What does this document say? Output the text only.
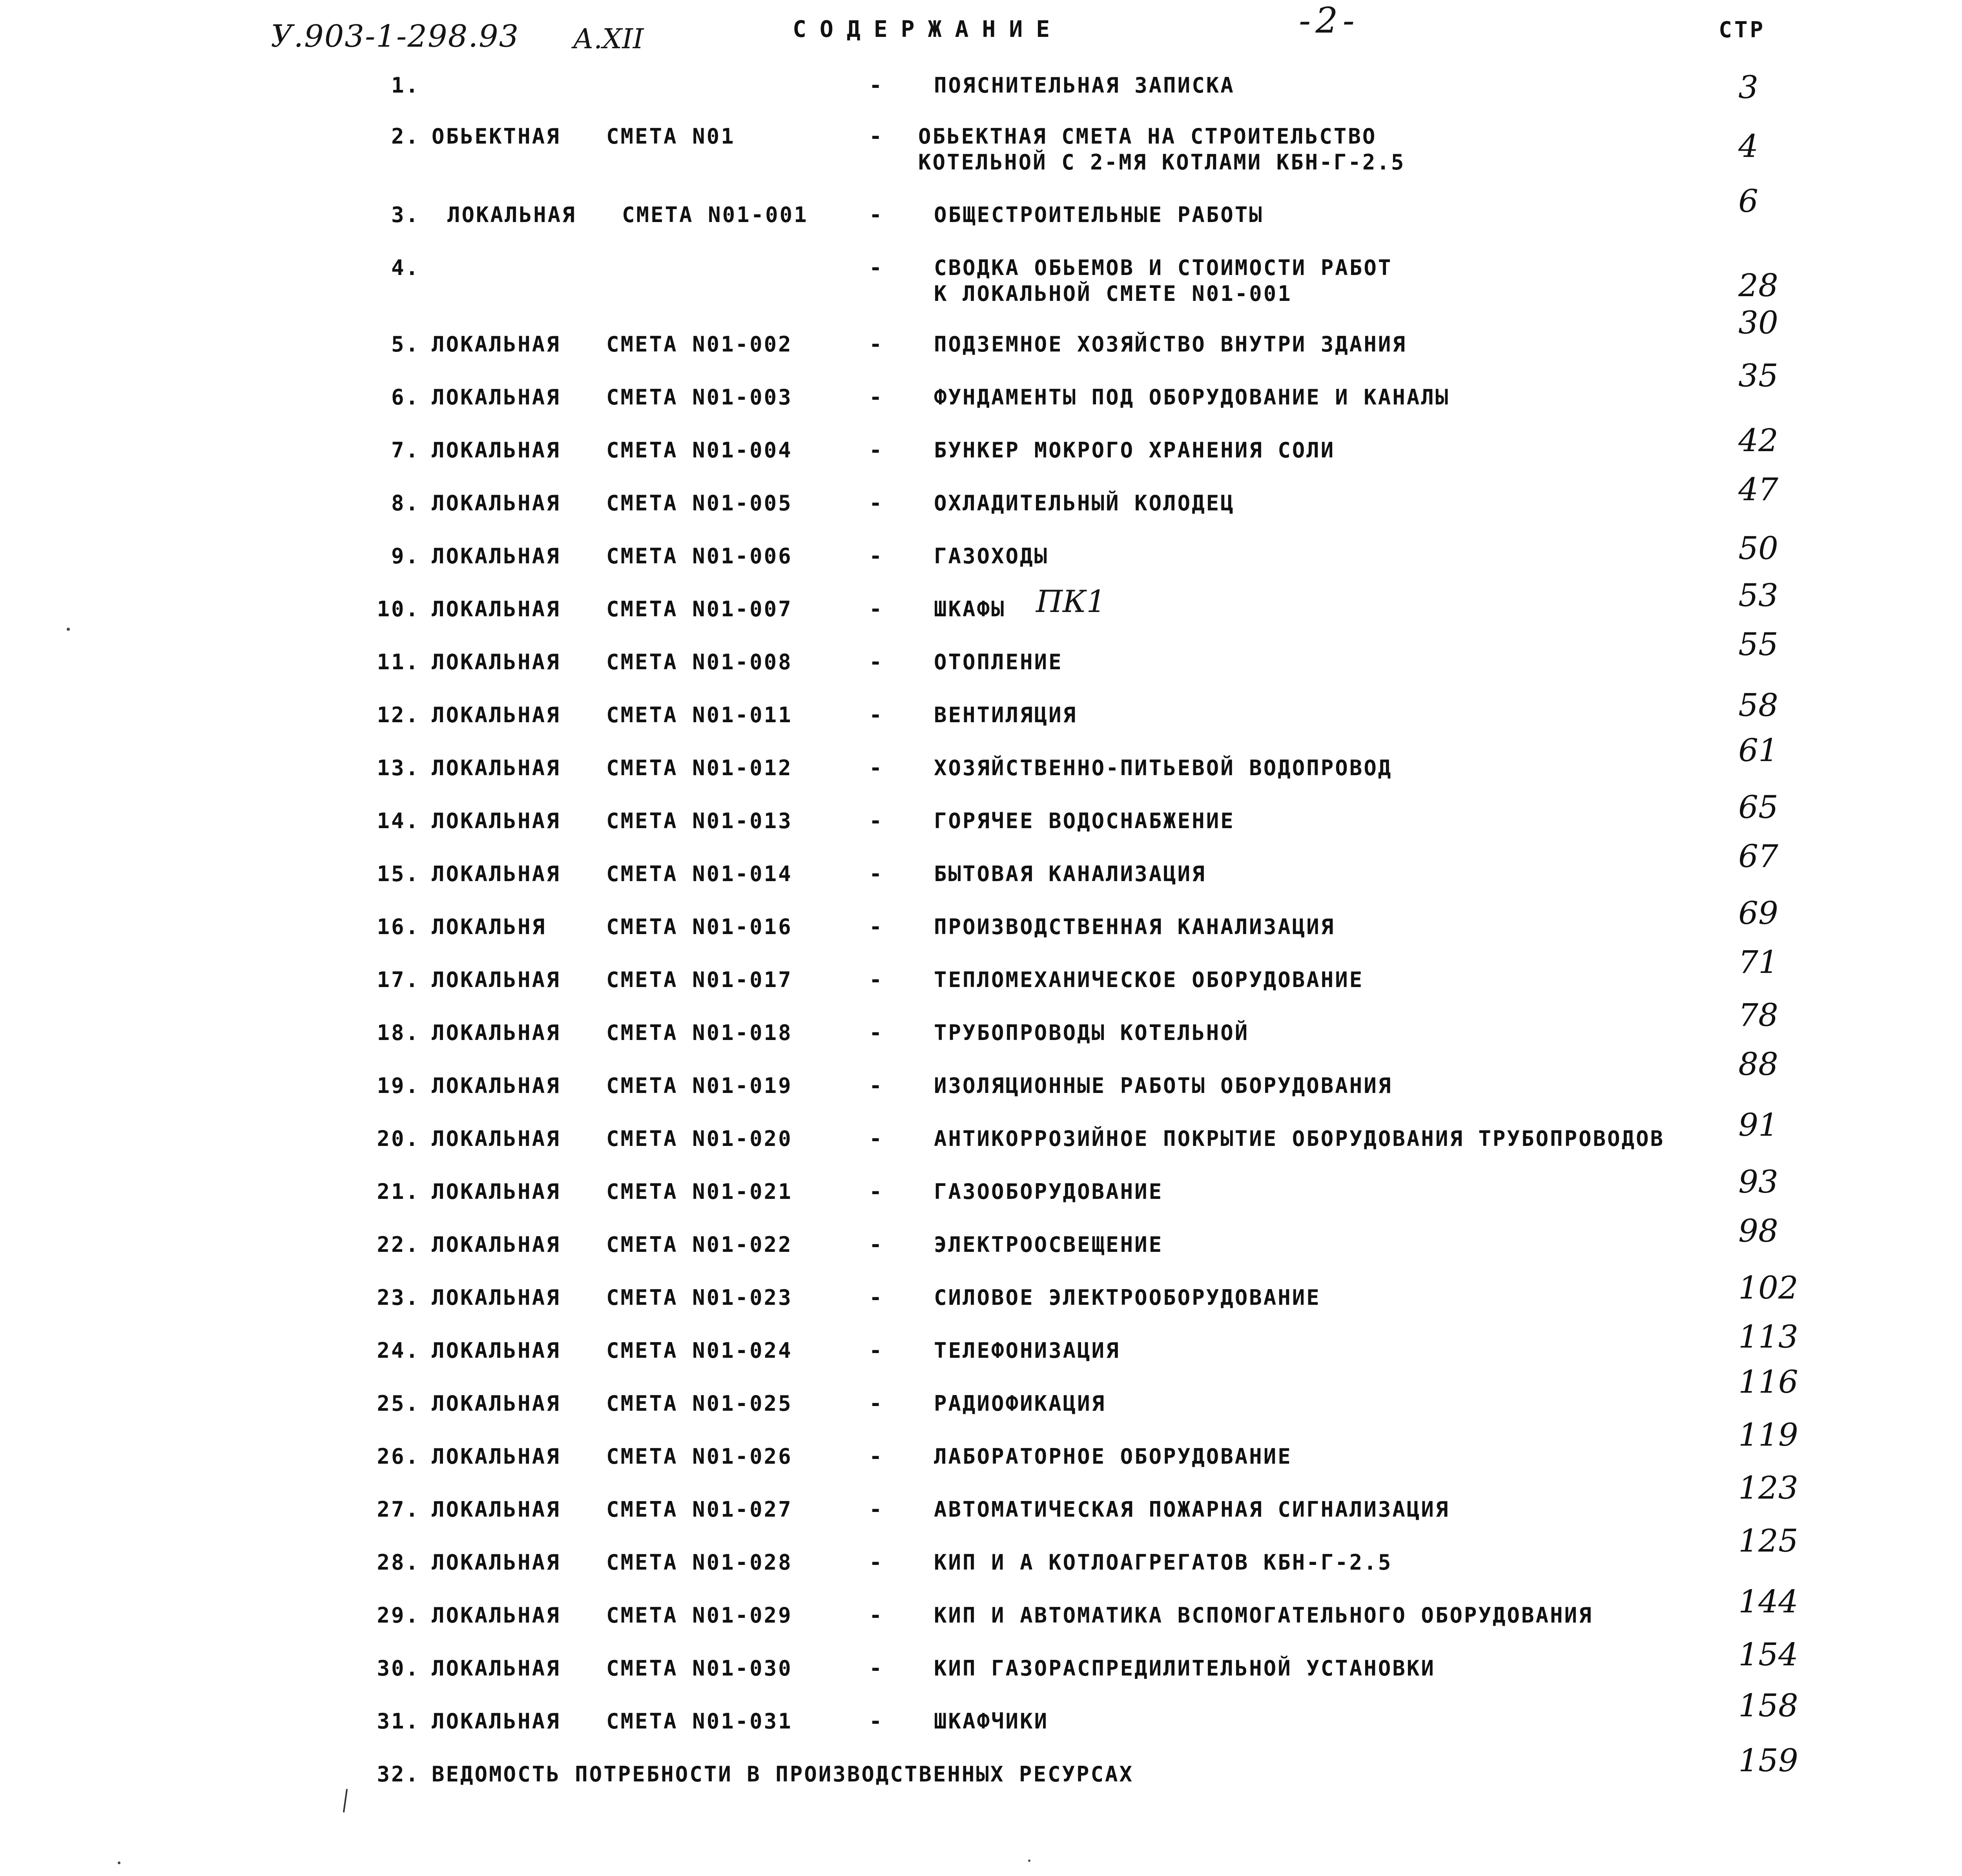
У.903-1-298.93 А.XII	СОДЕРЖАНИЕ	-2-	СТР
1.	- ПОЯСНИТЕЛЬНАЯ ЗАПИСКА	3
2. ОБЬЕКТНАЯ СМЕТА N01	- ОБЬЕКТНАЯ СМЕТА НА СТРОИТЕЛЬСТВО
КОТЕЛЬНОЙ С 2-МЯ КОТЛАМИ КБН-Г-2.5	4
3. ЛОКАЛЬНАЯ СМЕТА N01-001	- ОБЩЕСТРОИТЕЛЬНЫЕ РАБОТЫ	6
4.	- СВОДКА ОБЬЕМОВ И СТОИМОСТИ РАБОТ
К ЛОКАЛЬНОЙ СМЕТЕ N01-001	28
5. ЛОКАЛЬНАЯ СМЕТА N01-002	- ПОДЗЕМНОЕ ХОЗЯЙСТВО ВНУТРИ ЗДАНИЯ
30
6. ЛОКАЛЬНАЯ СМЕТА N01-003	- ФУНДАМЕНТЫ ПОД ОБОРУДОВАНИЕ И КАНАЛЫ
35
7. ЛОКАЛЬНАЯ СМЕТА N01-004	- БУНКЕР МОКРОГО ХРАНЕНИЯ СОЛИ	42
8. ЛОКАЛЬНАЯ СМЕТА N01-005	- ОХЛАДИТЕЛЬНЫЙ КОЛОДЕЦ	47
9. ЛОКАЛЬНАЯ СМЕТА N01-006	- ГАЗОХОДЫ	50
10. ЛОКАЛЬНАЯ СМЕТА N01-007	- ШКАФЫ ПК1	53
11. ЛОКАЛЬНАЯ СМЕТА N01-008	- ОТОПЛЕНИЕ	55
12. ЛОКАЛЬНАЯ СМЕТА N01-011	- ВЕНТИЛЯЦИЯ	58
13. ЛОКАЛЬНАЯ СМЕТА N01-012	- ХОЗЯЙСТВЕННО-ПИТЬЕВОЙ ВОДОПРОВОД	61
14. ЛОКАЛЬНАЯ СМЕТА N01-013	- ГОРЯЧЕЕ ВОДОСНАБЖЕНИЕ	65
15. ЛОКАЛЬНАЯ СМЕТА N01-014	- БЫТОВАЯ КАНАЛИЗАЦИЯ	67
16. ЛОКАЛЬНЯ	СМЕТА N01-016	- ПРОИЗВОДСТВЕННАЯ КАНАЛИЗАЦИЯ	69
17. ЛОКАЛЬНАЯ СМЕТА N01-017	- ТЕПЛОМЕХАНИЧЕСКОЕ ОБОРУДОВАНИЕ	71
18. ЛОКАЛЬНАЯ СМЕТА N01-018	- ТРУБОПРОВОДЫ КОТЕЛЬНОЙ	78
19. ЛОКАЛЬНАЯ СМЕТА N01-019	- ИЗОЛЯЦИОННЫЕ РАБОТЫ ОБОРУДОВАНИЯ
88
20. ЛОКАЛЬНАЯ СМЕТА N01-020	- АНТИКОРРОЗИЙНОЕ ПОКРЫТИЕ ОБОРУДОВАНИЯ ТРУБОПРОВОДОВ 91
21. ЛОКАЛЬНАЯ СМЕТА N01-021	- ГАЗООБОРУДОВАНИЕ	93
22. ЛОКАЛЬНАЯ СМЕТА N01-022	- ЭЛЕКТРООСВЕЩЕНИЕ	98
23. ЛОКАЛЬНАЯ СМЕТА N01-023	- СИЛОВОЕ ЭЛЕКТРООБОРУДОВАНИЕ	102
24. ЛОКАЛЬНАЯ СМЕТА N01-024	- ТЕЛЕФОНИЗАЦИЯ	113
25. ЛОКАЛЬНАЯ СМЕТА N01-025	- РАДИОФИКАЦИЯ
116
26. ЛОКАЛЬНАЯ СМЕТА N01-026	- ЛАБОРАТОРНОЕ ОБОРУДОВАНИЕ
119
27. ЛОКАЛЬНАЯ СМЕТА N01-027	- АВТОМАТИЧЕСКАЯ ПОЖАРНАЯ СИГНАЛИЗАЦИЯ
123
28. ЛОКАЛЬНАЯ СМЕТА N01-028	- КИП И А КОТЛОАГРЕГАТОВ КБН-Г-2.5
125
29. ЛОКАЛЬНАЯ СМЕТА N01-029	- КИП И АВТОМАТИКА ВСПОМОГАТЕЛЬНОГО ОБОРУДОВАНИЯ	144
30. ЛОКАЛЬНАЯ СМЕТА N01-030	- КИП ГАЗОРАСПРЕДИЛИТЕЛЬНОЙ УСТАНОВКИ	154
31. ЛОКАЛЬНАЯ СМЕТА N01-031	- ШКАФЧИКИ	158
32. ВЕДОМОСТЬ ПОТРЕБНОСТИ В ПРОИЗВОДСТВЕННЫХ РЕСУРСАХ	159
